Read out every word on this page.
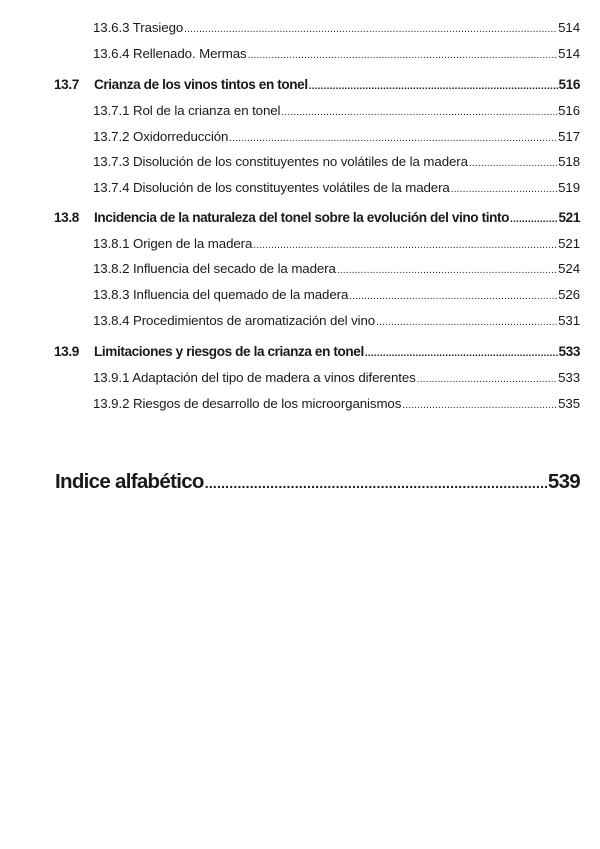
13.6.3 Trasiego .....	514
13.6.4 Rellenado. Mermas .....	514
13.7	Crianza de los vinos tintos en tonel .....	516
13.7.1 Rol de la crianza en tonel .....	516
13.7.2 Oxidorreducción .....	517
13.7.3 Disolución de los constituyentes no volátiles de la madera .....	518
13.7.4 Disolución de los constituyentes volátiles de la madera .....	519
13.8	Incidencia de la naturaleza del tonel sobre la evolución del vino tinto .....	521
13.8.1 Origen de la madera .....	521
13.8.2 Influencia del secado de la madera .....	524
13.8.3 Influencia del quemado de la madera .....	526
13.8.4 Procedimientos de aromatización del vino .....	531
13.9	Limitaciones y riesgos de la crianza en tonel .....	533
13.9.1 Adaptación del tipo de madera a vinos diferentes .....	533
13.9.2 Riesgos de desarrollo de los microorganismos .....	535
Indice alfabético .....	539
